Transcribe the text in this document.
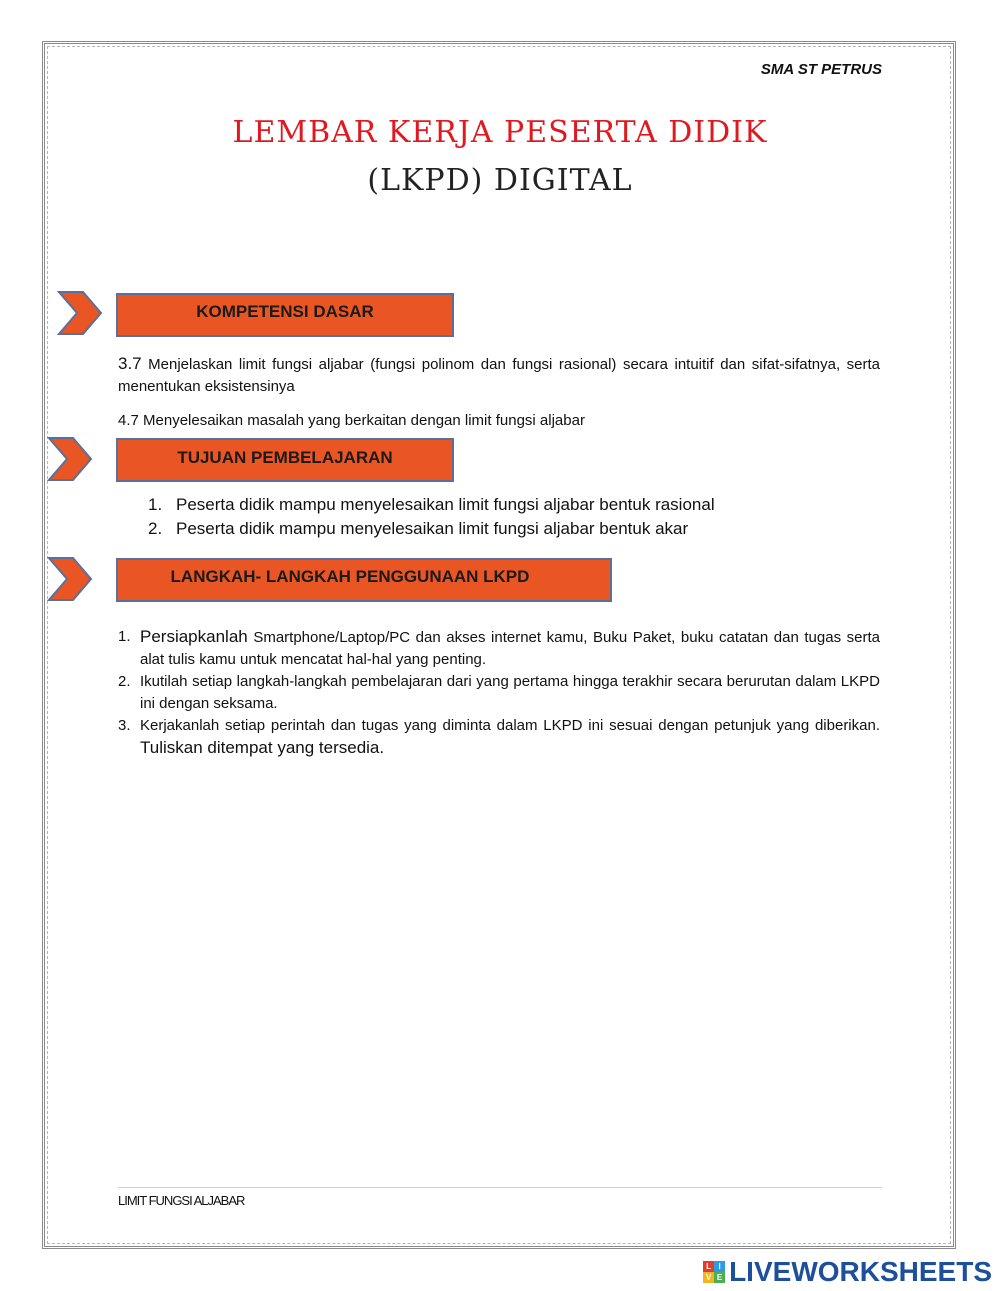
SMA ST PETRUS
LEMBAR KERJA PESERTA DIDIK
(LKPD) DIGITAL
KOMPETENSI DASAR
3.7 Menjelaskan limit fungsi aljabar (fungsi polinom dan fungsi rasional) secara intuitif dan sifat-sifatnya, serta menentukan eksistensinya
4.7 Menyelesaikan masalah yang berkaitan dengan limit fungsi aljabar
TUJUAN PEMBELAJARAN
1. Peserta didik mampu menyelesaikan limit fungsi aljabar bentuk rasional
2. Peserta didik mampu menyelesaikan limit fungsi aljabar bentuk akar
LANGKAH- LANGKAH PENGGUNAAN LKPD
1. Persiapkanlah Smartphone/Laptop/PC dan akses internet kamu, Buku Paket, buku catatan dan tugas serta alat tulis kamu untuk mencatat hal-hal yang penting.
2. Ikutilah setiap langkah-langkah pembelajaran dari yang pertama hingga terakhir secara berurutan dalam LKPD ini dengan seksama.
3. Kerjakanlah setiap perintah dan tugas yang diminta dalam LKPD ini sesuai dengan petunjuk yang diberikan. Tuliskan ditempat yang tersedia.
LIMIT FUNGSI ALJABAR
L I
V E LIVEWORKSHEETS
